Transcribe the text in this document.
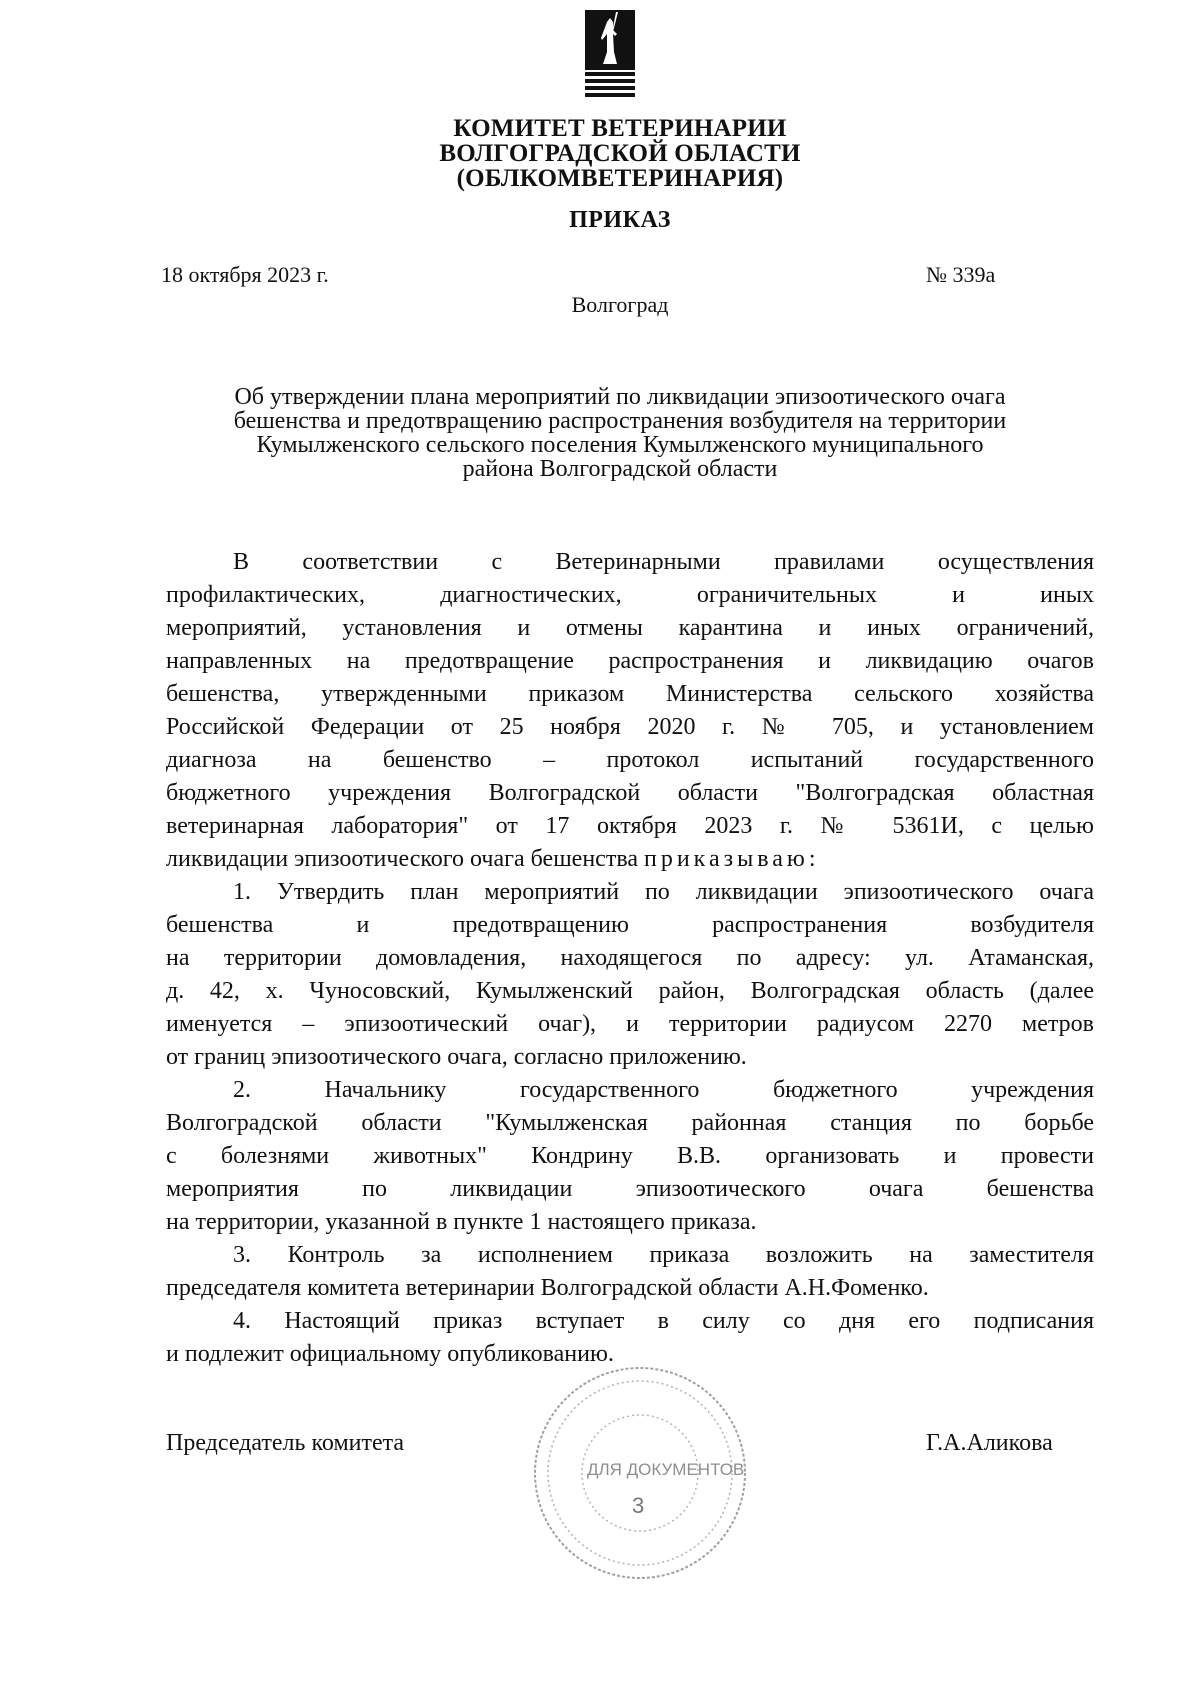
КОМИТЕТ ВЕТЕРИНАРИИ
ВОЛГОГРАДСКОЙ ОБЛАСТИ
(ОБЛКОМВЕТЕРИНАРИЯ)
ПРИКАЗ
18 октября 2023 г.	№ 339а
Волгоград
Об утверждении плана мероприятий по ликвидации эпизоотического очага
бешенства и предотвращению распространения возбудителя на территории
Кумылженского сельского поселения Кумылженского муниципального
района Волгоградской области
В соответствии с Ветеринарными правилами осуществления
профилактических, диагностических, ограничительных и иных
мероприятий, установления и отмены карантина и иных ограничений,
направленных на предотвращение распространения и ликвидацию очагов
бешенства, утвержденными приказом Министерства сельского хозяйства
Российской Федерации от 25 ноября 2020 г. № 705, и установлением
диагноза на бешенство – протокол испытаний государственного
бюджетного учреждения Волгоградской области "Волгоградская областная
ветеринарная лаборатория" от 17 октября 2023 г. № 5361И, с целью
ликвидации эпизоотического очага бешенства приказываю:
1. Утвердить план мероприятий по ликвидации эпизоотического очага
бешенства и предотвращению распространения возбудителя
на территории домовладения, находящегося по адресу: ул. Атаманская,
д. 42, х. Чуносовский, Кумылженский район, Волгоградская область (далее
именуется – эпизоотический очаг), и территории радиусом 2270 метров
от границ эпизоотического очага, согласно приложению.
2. Начальнику государственного бюджетного учреждения
Волгоградской области "Кумылженская районная станция по борьбе
с болезнями животных" Кондрину В.В. организовать и провести
мероприятия по ликвидации эпизоотического очага бешенства
на территории, указанной в пункте 1 настоящего приказа.
3. Контроль за исполнением приказа возложить на заместителя
председателя комитета ветеринарии Волгоградской области А.Н.Фоменко.
4. Настоящий приказ вступает в силу со дня его подписания
и подлежит официальному опубликованию.
ДЛЯ ДОКУМЕНТОВ
3
Председатель комитета	Г.А.Аликова
